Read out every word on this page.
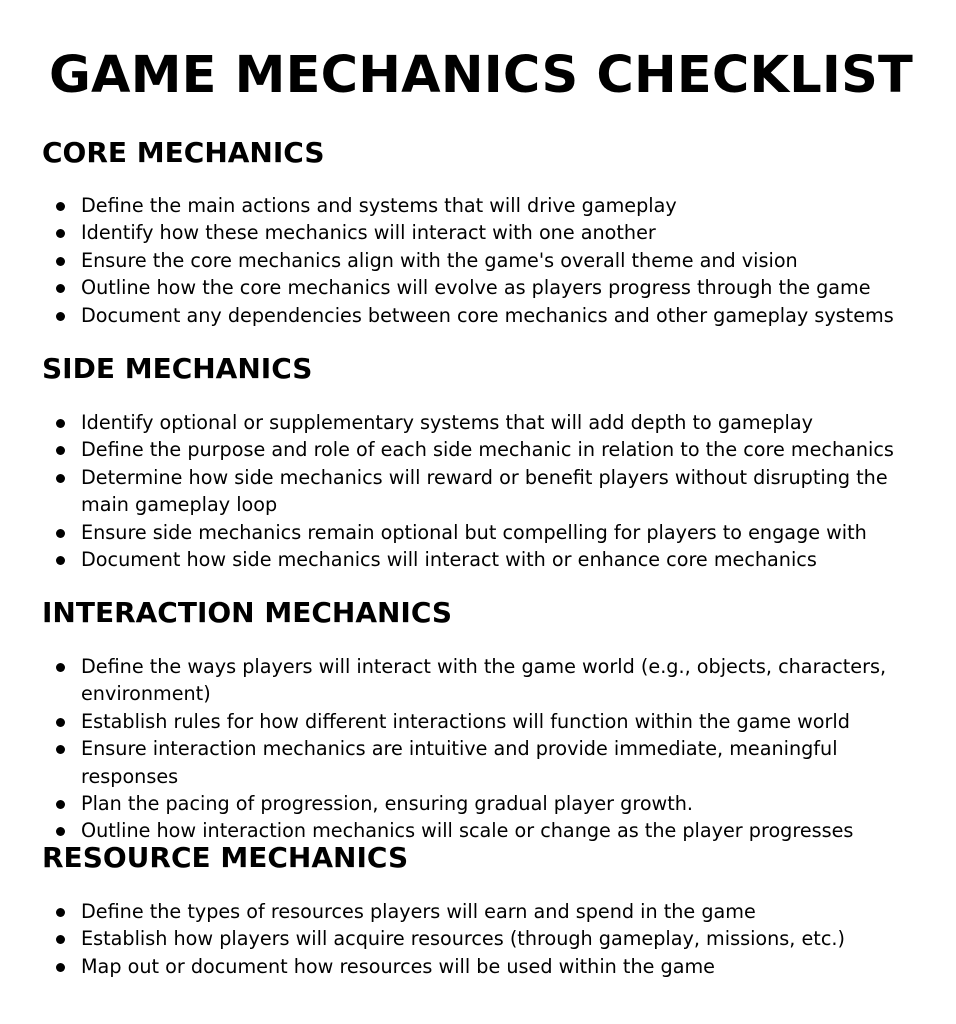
GAME MECHANICS CHECKLIST
CORE MECHANICS
Define the main actions and systems that will drive gameplay
Identify how these mechanics will interact with one another
Ensure the core mechanics align with the game's overall theme and vision
Outline how the core mechanics will evolve as players progress through the game
Document any dependencies between core mechanics and other gameplay systems
SIDE MECHANICS
Identify optional or supplementary systems that will add depth to gameplay
Define the purpose and role of each side mechanic in relation to the core mechanics
Determine how side mechanics will reward or benefit players without disrupting the main gameplay loop
Ensure side mechanics remain optional but compelling for players to engage with
Document how side mechanics will interact with or enhance core mechanics
INTERACTION MECHANICS
Define the ways players will interact with the game world (e.g., objects, characters, environment)
Establish rules for how different interactions will function within the game world
Ensure interaction mechanics are intuitive and provide immediate, meaningful responses
Plan the pacing of progression, ensuring gradual player growth.
Outline how interaction mechanics will scale or change as the player progresses
RESOURCE MECHANICS
Define the types of resources players will earn and spend in the game
Establish how players will acquire resources (through gameplay, missions, etc.)
Map out or document how resources will be used within the game
